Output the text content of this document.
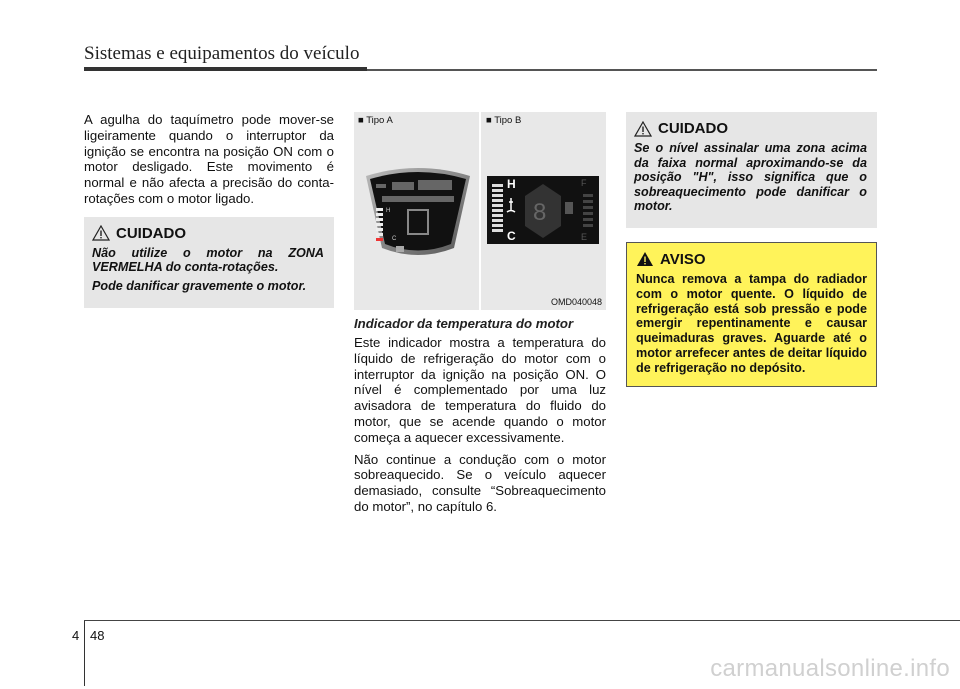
Sistemas e equipamentos do veículo

A agulha do taquímetro pode mover-se ligeiramente quando o interruptor da ignição se encontra na posição ON com o motor desligado. Este movimento é normal e não afecta a precisão do conta-rotações com o motor ligado.

CUIDADO

Não utilize o motor na ZONA VERMELHA do conta-rotações.

Pode danificar gravemente o motor.

■ Tipo A	■ Tipo B
H
C
H
C
8
F
E
OMD040048

Indicador da temperatura do motor

Este indicador mostra a temperatura do líquido de refrigeração do motor com o interruptor da ignição na posição ON. O nível é complementado por uma luz avisadora de temperatura do fluido do motor, que se acende quando o motor começa a aquecer excessivamente.

Não continue a condução com o motor sobreaquecido. Se o veículo aquecer demasiado, consulte “Sobreaquecimento do motor”, no capítulo 6.

CUIDADO

Se o nível assinalar uma zona acima da faixa normal aproximando-se da posição "H", isso significa que o sobreaquecimento pode danificar o motor.

AVISO

Nunca remova a tampa do radiador com o motor quente. O líquido de refrigeração está sob pressão e pode emergir repentinamente e causar queimaduras graves. Aguarde até o motor arrefecer antes de deitar líquido de refrigeração no depósito.

4 48
carmanualsonline.info
